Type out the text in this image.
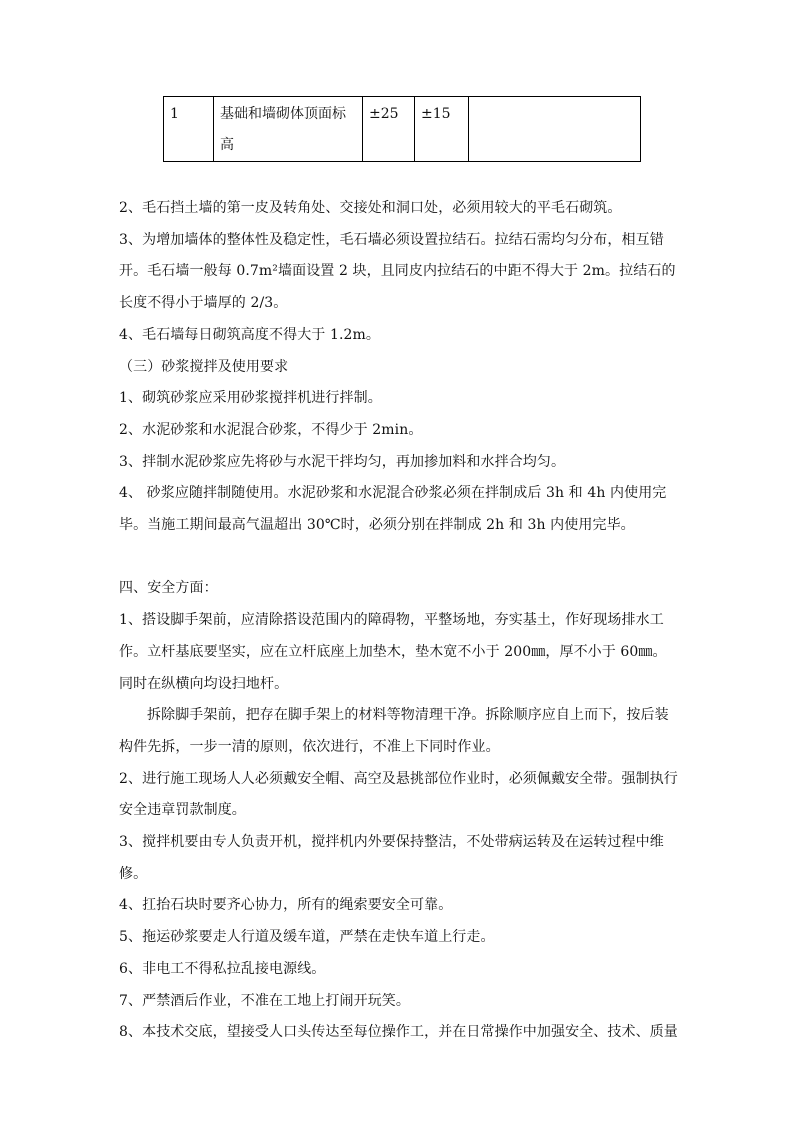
1	基础和墙砌体顶面标高	±25	±15	

2、毛石挡土墙的第一皮及转角处、交接处和洞口处，必须用较大的平毛石砌筑。

3、为增加墙体的整体性及稳定性，毛石墙必须设置拉结石。拉结石需均匀分布，相互错开。毛石墙一般每 0.7m²墙面设置 2 块，且同皮内拉结石的中距不得大于 2m。拉结石的长度不得小于墙厚的 2/3。

4、毛石墙每日砌筑高度不得大于 1.2m。

（三）砂浆搅拌及使用要求

1、砌筑砂浆应采用砂浆搅拌机进行拌制。

2、水泥砂浆和水泥混合砂浆，不得少于 2min。

3、拌制水泥砂浆应先将砂与水泥干拌均匀，再加掺加料和水拌合均匀。

4、 砂浆应随拌制随使用。水泥砂浆和水泥混合砂浆必须在拌制成后 3h 和 4h 内使用完毕。当施工期间最高气温超出 30℃时，必须分别在拌制成 2h 和 3h 内使用完毕。

四、安全方面：

1、搭设脚手架前，应清除搭设范围内的障碍物，平整场地，夯实基土，作好现场排水工作。立杆基底要坚实，应在立杆底座上加垫木，垫木宽不小于 200㎜，厚不小于 60㎜。同时在纵横向均设扫地杆。

拆除脚手架前，把存在脚手架上的材料等物清理干净。拆除顺序应自上而下，按后装构件先拆，一步一清的原则，依次进行，不准上下同时作业。

2、进行施工现场人人必须戴安全帽、高空及悬挑部位作业时，必须佩戴安全带。强制执行安全违章罚款制度。

3、搅拌机要由专人负责开机，搅拌机内外要保持整洁，不处带病运转及在运转过程中维修。

4、扛抬石块时要齐心协力，所有的绳索要安全可靠。

5、拖运砂浆要走人行道及缓车道，严禁在走快车道上行走。

6、非电工不得私拉乱接电源线。

7、严禁酒后作业，不准在工地上打闹开玩笑。

8、本技术交底，望接受人口头传达至每位操作工，并在日常操作中加强安全、技术、质量
